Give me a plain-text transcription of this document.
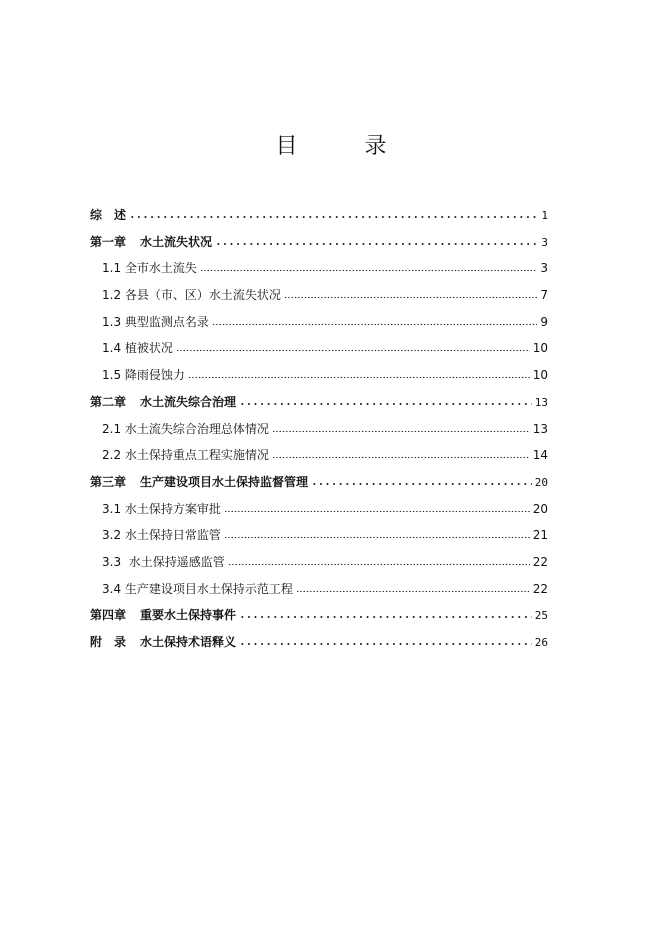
目 录
综　述	1
第一章 水土流失状况	3
1.1 全市水土流失	3
1.2 各县（市、区）水土流失状况	7
1.3 典型监测点名录	9
1.4 植被状况	10
1.5 降雨侵蚀力	10
第二章 水土流失综合治理	13
2.1 水土流失综合治理总体情况	13
2.2 水土保持重点工程实施情况	14
第三章 生产建设项目水土保持监督管理	20
3.1 水土保持方案审批	20
3.2 水土保持日常监管	21
3.3  水土保持遥感监管	22
3.4 生产建设项目水土保持示范工程	22
第四章 重要水土保持事件	25
附　录 水土保持术语释义	26
